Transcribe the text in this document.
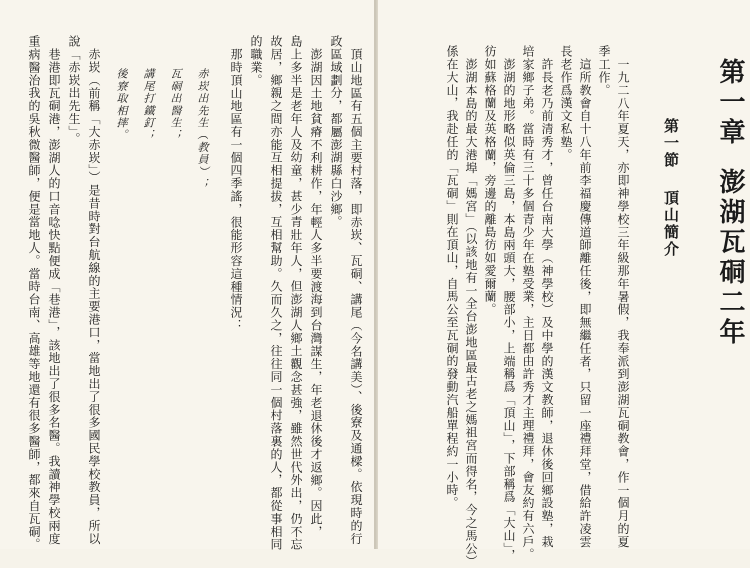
第一章
澎湖瓦硐二年
第一節
頂山簡介
一九二八年夏天，亦即神學校三年級那年暑假，我奉派到澎湖瓦硐教會，作一個月的夏
季工作。
這所教會自十八年前李福慶傳道師離任後，即無繼任者，只留一座禮拜堂，借給許凌雲
長老作爲漢文私塾。
許長老乃前清秀才，曾任台南大學（神學校）及中學的漢文教師，退休後回鄉設塾，栽
培家鄉子弟。當時有三十多個青少年在塾受業，主日都由許秀才主理禮拜，會友約有六戶。
澎湖的地形略似英倫三島，本島兩頭大，腰部小，上端稱爲「頂山」，下部稱爲「大山」，
彷如蘇格蘭及英格蘭，旁邊的離島彷如愛爾蘭。
澎湖本島的最大港埠「媽宮」（以該地有一全台澎地區最古老之媽祖宮而得名，今之馬公）
係在大山，我赴任的「瓦硐」則在頂山，自馬公至瓦硐的發動汽船單程約一小時。
頂山地區有五個主要村落，即赤崁、瓦硐、講尾（今名講美）、後寮及通樑。依現時的行
政區域劃分，都屬澎湖縣白沙鄉。
澎湖因土地貧瘠不利耕作，年輕人多半要渡海到台灣謀生，年老退休後才返鄉。因此，
島上多半是老年人及幼童，甚少青壯年人，但澎湖人鄉土觀念甚強，雖然世代外出，仍不忘
故居，鄉親之間亦能互相提拔，互相幫助。久而久之，往往同一個村落裏的人，都從事相同
的職業。
那時頂山地區有一個四季謠，很能形容這種情況：
赤崁出先生（教員）；
瓦硐出醫生；
講尾打鐵釘；
後寮取相摔。
赤崁（前稱「大赤崁」）是昔時對台航線的主要港口，當地出了很多國民學校教員，所以
說「赤崁出先生」。
巷港即瓦硐港，澎湖人的口音唸快點便成「巷港」，該地出了很多名醫。我讀神學校兩度
重病醫治我的吳秋微醫師，便是當地人。當時台南、高雄等地還有很多醫師，都來自瓦硐。
